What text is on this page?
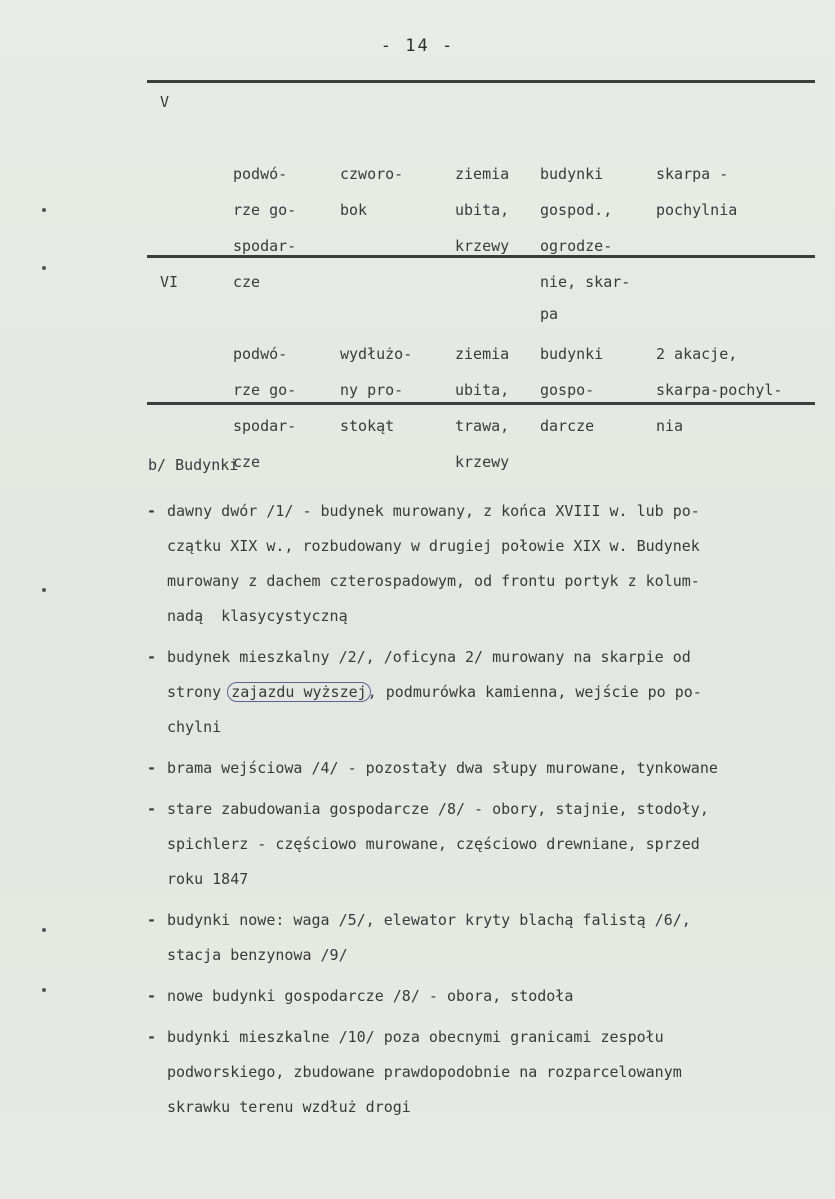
- 14 -
V

podwó-
rze go-
spodar-
cze

czworo-
bok

ziemia
ubita,
krzewy

budynki
gospod.,
ogrodze-
nie, skar-
pa

skarpa -
pochylnia

VI

podwó-
rze go-
spodar-
cze

wydłużo-
ny pro-
stokąt

ziemia
ubita,
trawa,
krzewy

budynki
gospo-
darcze

2 akacje,
skarpa-pochyl-
nia

b/ Budynki
- dawny dwór /1/ - budynek murowany, z końca XVIII w. lub po-
czątku XIX w., rozbudowany w drugiej połowie XIX w. Budynek
murowany z dachem czterospadowym, od frontu portyk z kolum-
nadą  klasycystyczną
- budynek mieszkalny /2/, /oficyna 2/ murowany na skarpie od
strony zajazdu wyższej, podmurówka kamienna, wejście po po-
chylni
- brama wejściowa /4/ - pozostały dwa słupy murowane, tynkowane
- stare zabudowania gospodarcze /8/ - obory, stajnie, stodoły,
spichlerz - częściowo murowane, częściowo drewniane, sprzed
roku 1847
- budynki nowe: waga /5/, elewator kryty blachą falistą /6/,
stacja benzynowa /9/
- nowe budynki gospodarcze /8/ - obora, stodoła
- budynki mieszkalne /10/ poza obecnymi granicami zespołu
podworskiego, zbudowane prawdopodobnie na rozparcelowanym
skrawku terenu wzdłuż drogi
